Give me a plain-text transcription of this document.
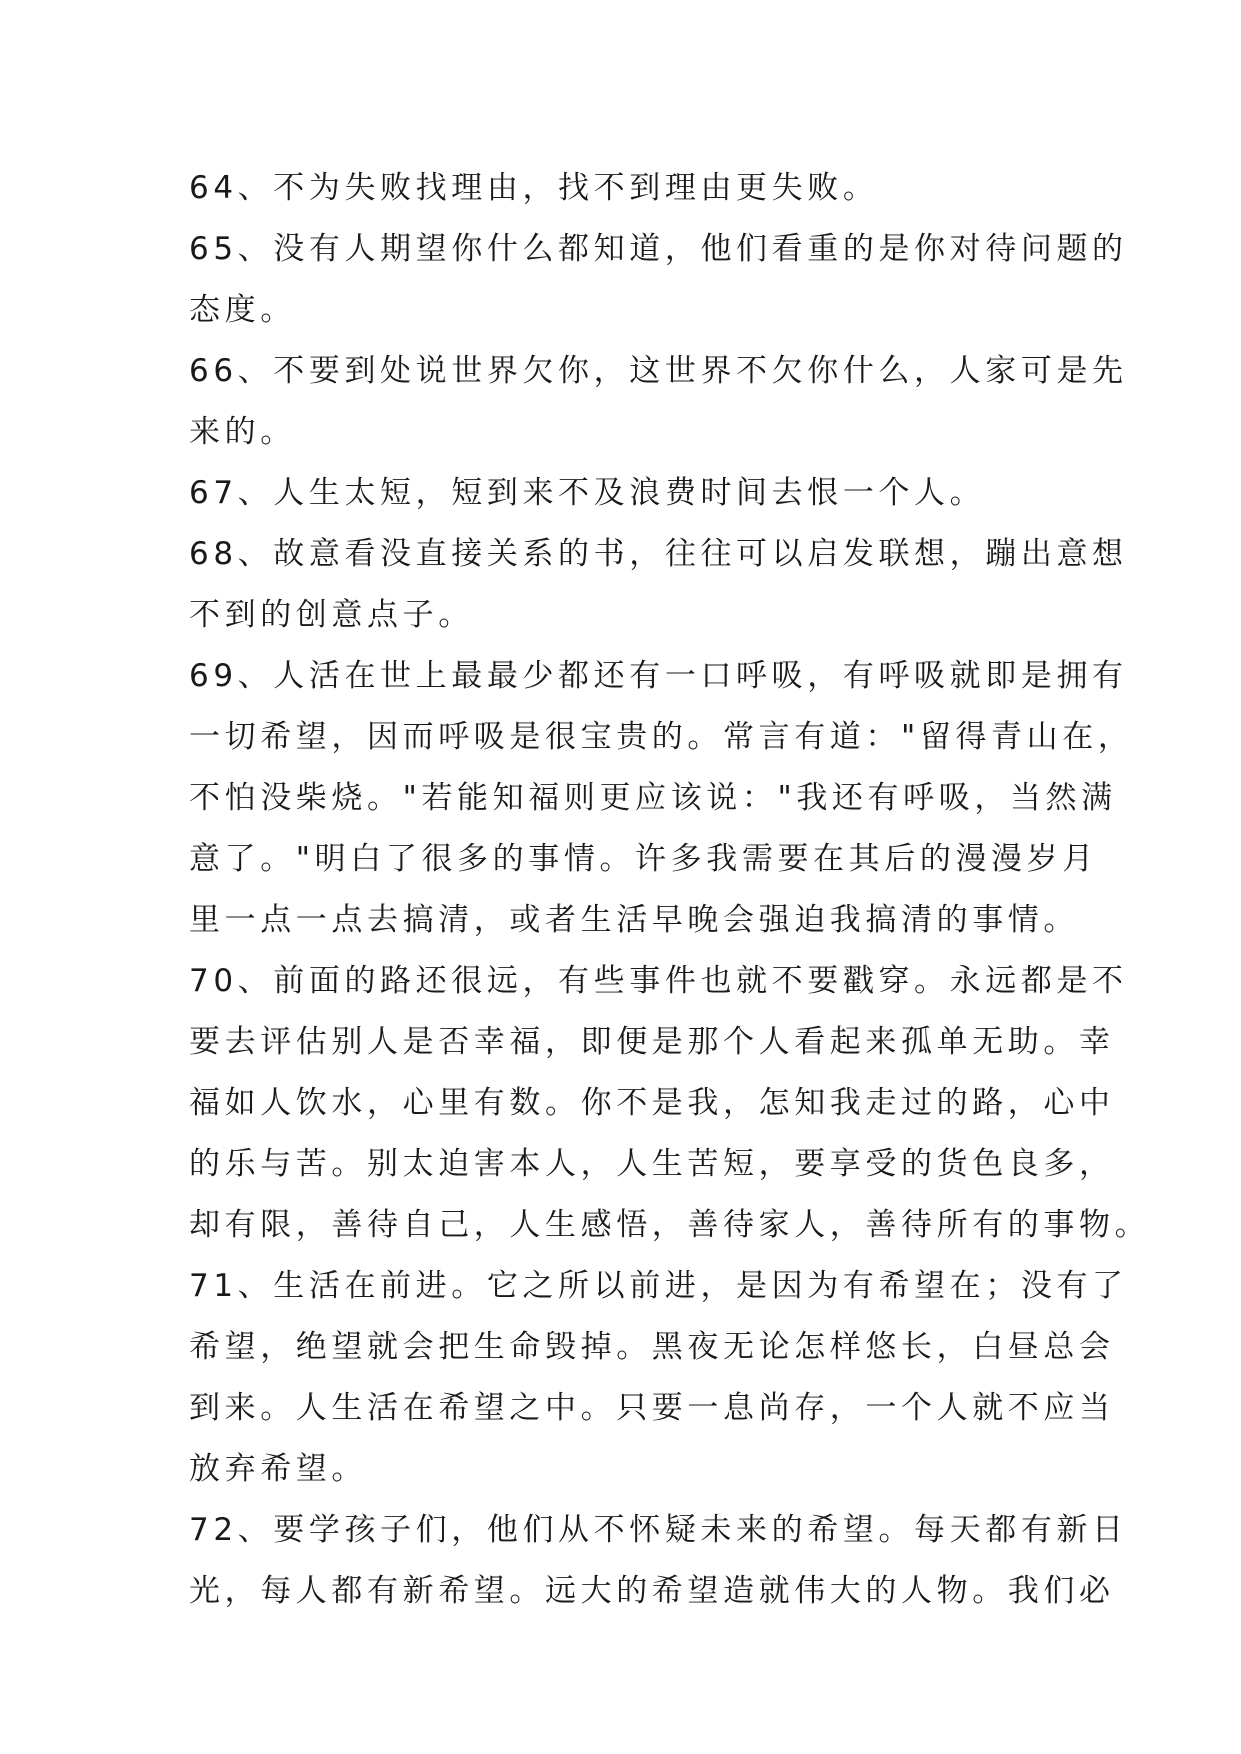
64、不为失败找理由，找不到理由更失败。
65、没有人期望你什么都知道，他们看重的是你对待问题的
态度。
66、不要到处说世界欠你，这世界不欠你什么，人家可是先
来的。
67、人生太短，短到来不及浪费时间去恨一个人。
68、故意看没直接关系的书，往往可以启发联想，蹦出意想
不到的创意点子。
69、人活在世上最最少都还有一口呼吸，有呼吸就即是拥有
一切希望，因而呼吸是很宝贵的。常言有道："留得青山在，
不怕没柴烧。"若能知福则更应该说："我还有呼吸，当然满
意了。"明白了很多的事情。许多我需要在其后的漫漫岁月
里一点一点去搞清，或者生活早晚会强迫我搞清的事情。
70、前面的路还很远，有些事件也就不要戳穿。永远都是不
要去评估别人是否幸福，即便是那个人看起来孤单无助。幸
福如人饮水，心里有数。你不是我，怎知我走过的路，心中
的乐与苦。别太迫害本人，人生苦短，要享受的货色良多，
却有限，善待自己，人生感悟，善待家人，善待所有的事物。
71、生活在前进。它之所以前进，是因为有希望在；没有了
希望，绝望就会把生命毁掉。黑夜无论怎样悠长，白昼总会
到来。人生活在希望之中。只要一息尚存，一个人就不应当
放弃希望。
72、要学孩子们，他们从不怀疑未来的希望。每天都有新日
光，每人都有新希望。远大的希望造就伟大的人物。我们必
